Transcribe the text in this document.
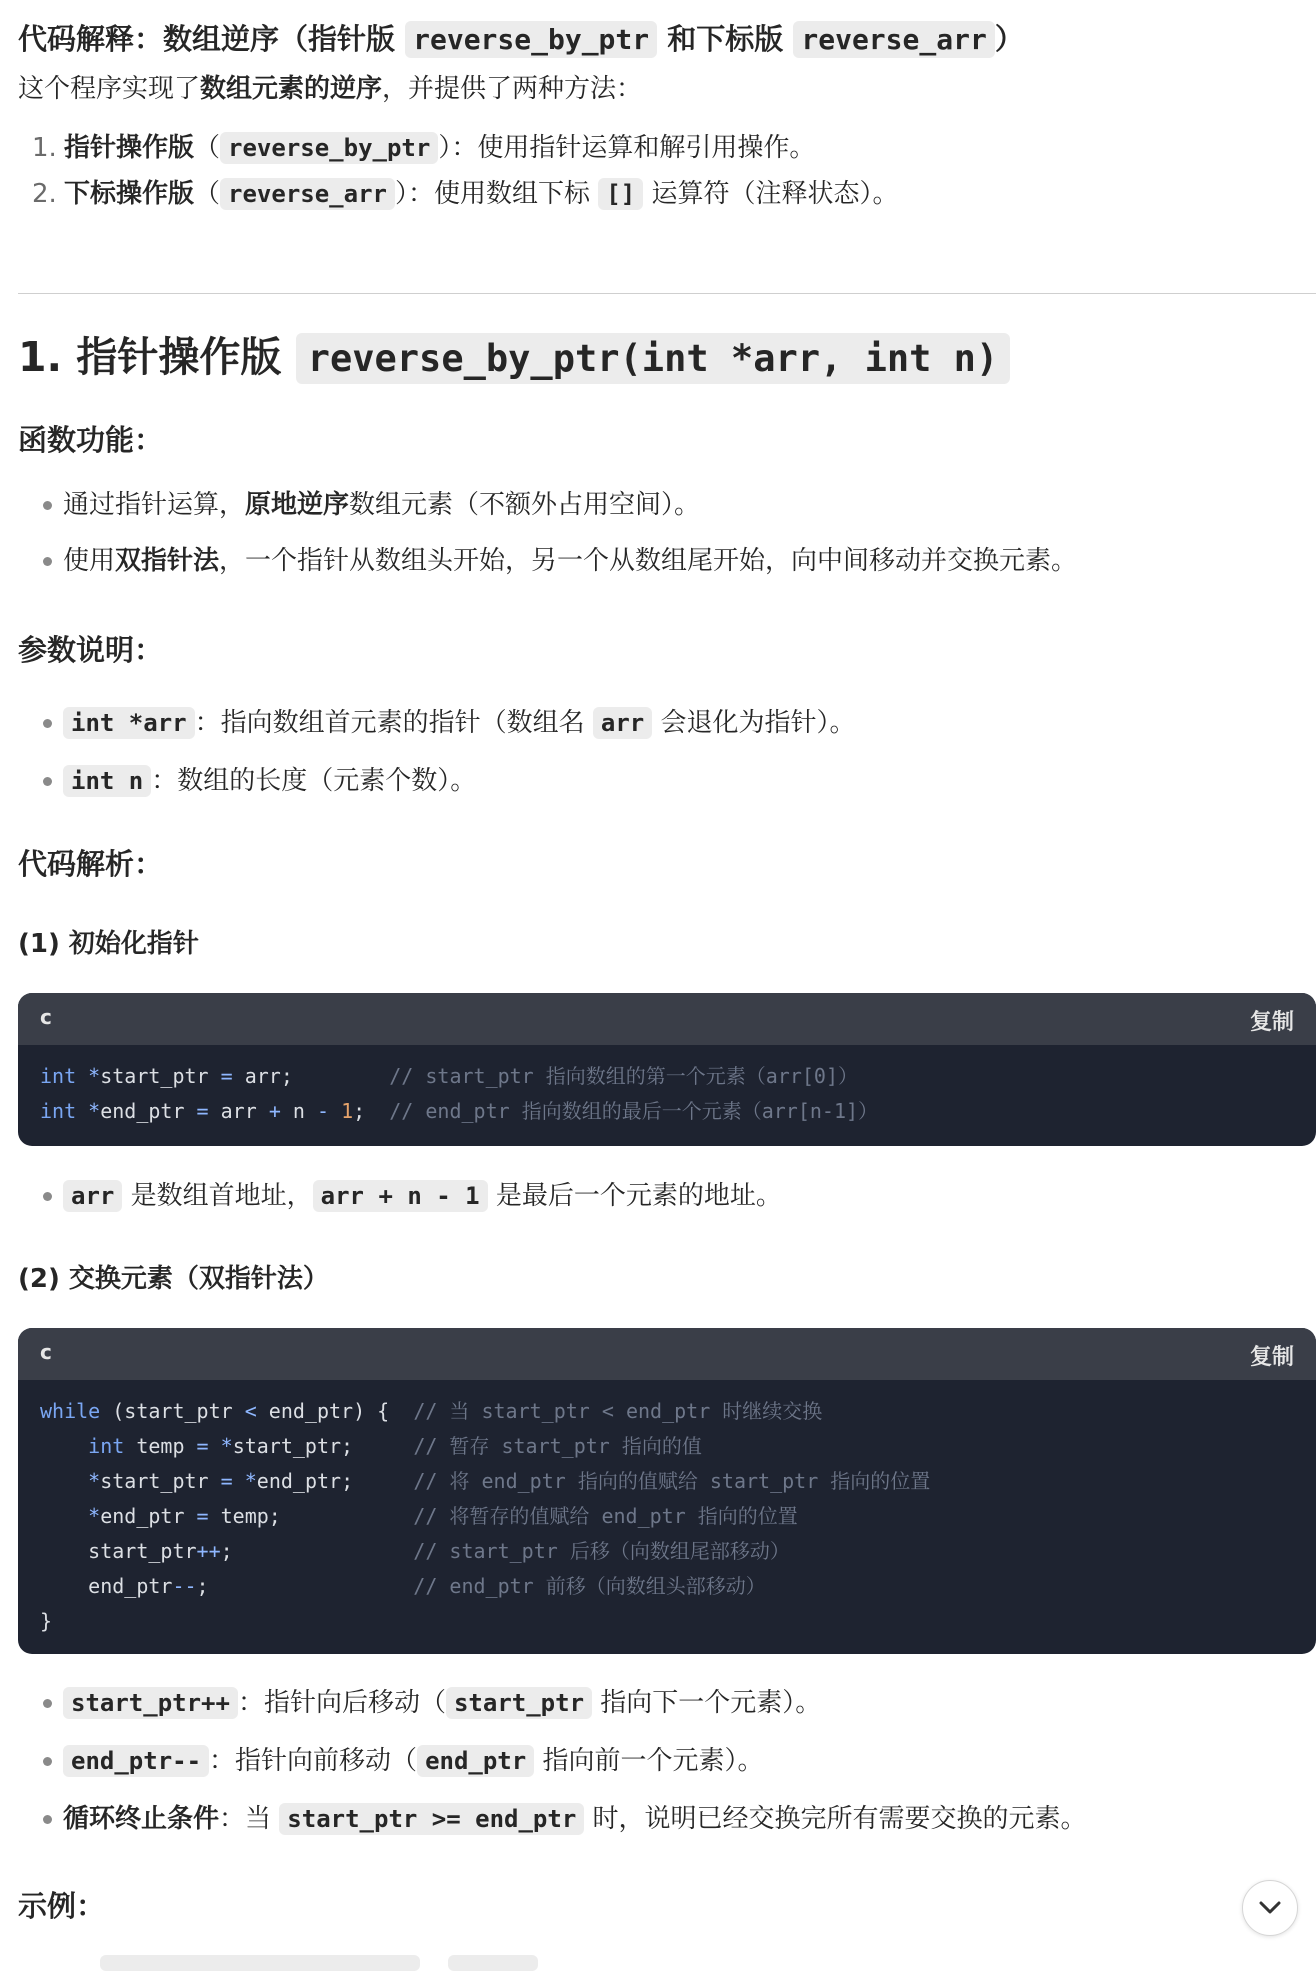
代码解释：数组逆序（指针版 reverse_by_ptr 和下标版 reverse_arr ）
这个程序实现了数组元素的逆序，并提供了两种方法：
1. 指针操作版（ reverse_by_ptr ）：使用指针运算和解引用操作。
2. 下标操作版（ reverse_arr ）：使用数组下标 [] 运算符（注释状态）。
1. 指针操作版 reverse_by_ptr(int *arr, int n)
函数功能：
通过指针运算，原地逆序数组元素（不额外占用空间）。
使用双指针法，一个指针从数组头开始，另一个从数组尾开始，向中间移动并交换元素。
参数说明：
int *arr ：指向数组首元素的指针（数组名 arr 会退化为指针）。
int n ：数组的长度（元素个数）。
代码解析：
(1) 初始化指针
c	复制
int *start_ptr = arr;        // start_ptr 指向数组的第一个元素（arr[0]）
int *end_ptr = arr + n - 1;  // end_ptr 指向数组的最后一个元素（arr[n-1]）
arr 是数组首地址， arr + n - 1 是最后一个元素的地址。
(2) 交换元素（双指针法）
c	复制
while (start_ptr < end_ptr) {  // 当 start_ptr < end_ptr 时继续交换
int temp = *start_ptr;     // 暂存 start_ptr 指向的值
*start_ptr = *end_ptr;     // 将 end_ptr 指向的值赋给 start_ptr 指向的位置
*end_ptr = temp;           // 将暂存的值赋给 end_ptr 指向的位置
start_ptr++;               // start_ptr 后移（向数组尾部移动）
end_ptr--;                 // end_ptr 前移（向数组头部移动）
}
start_ptr++ ：指针向后移动（ start_ptr 指向下一个元素）。
end_ptr-- ：指针向前移动（ end_ptr 指向前一个元素）。
循环终止条件：当 start_ptr >= end_ptr 时，说明已经交换完所有需要交换的元素。
示例：
